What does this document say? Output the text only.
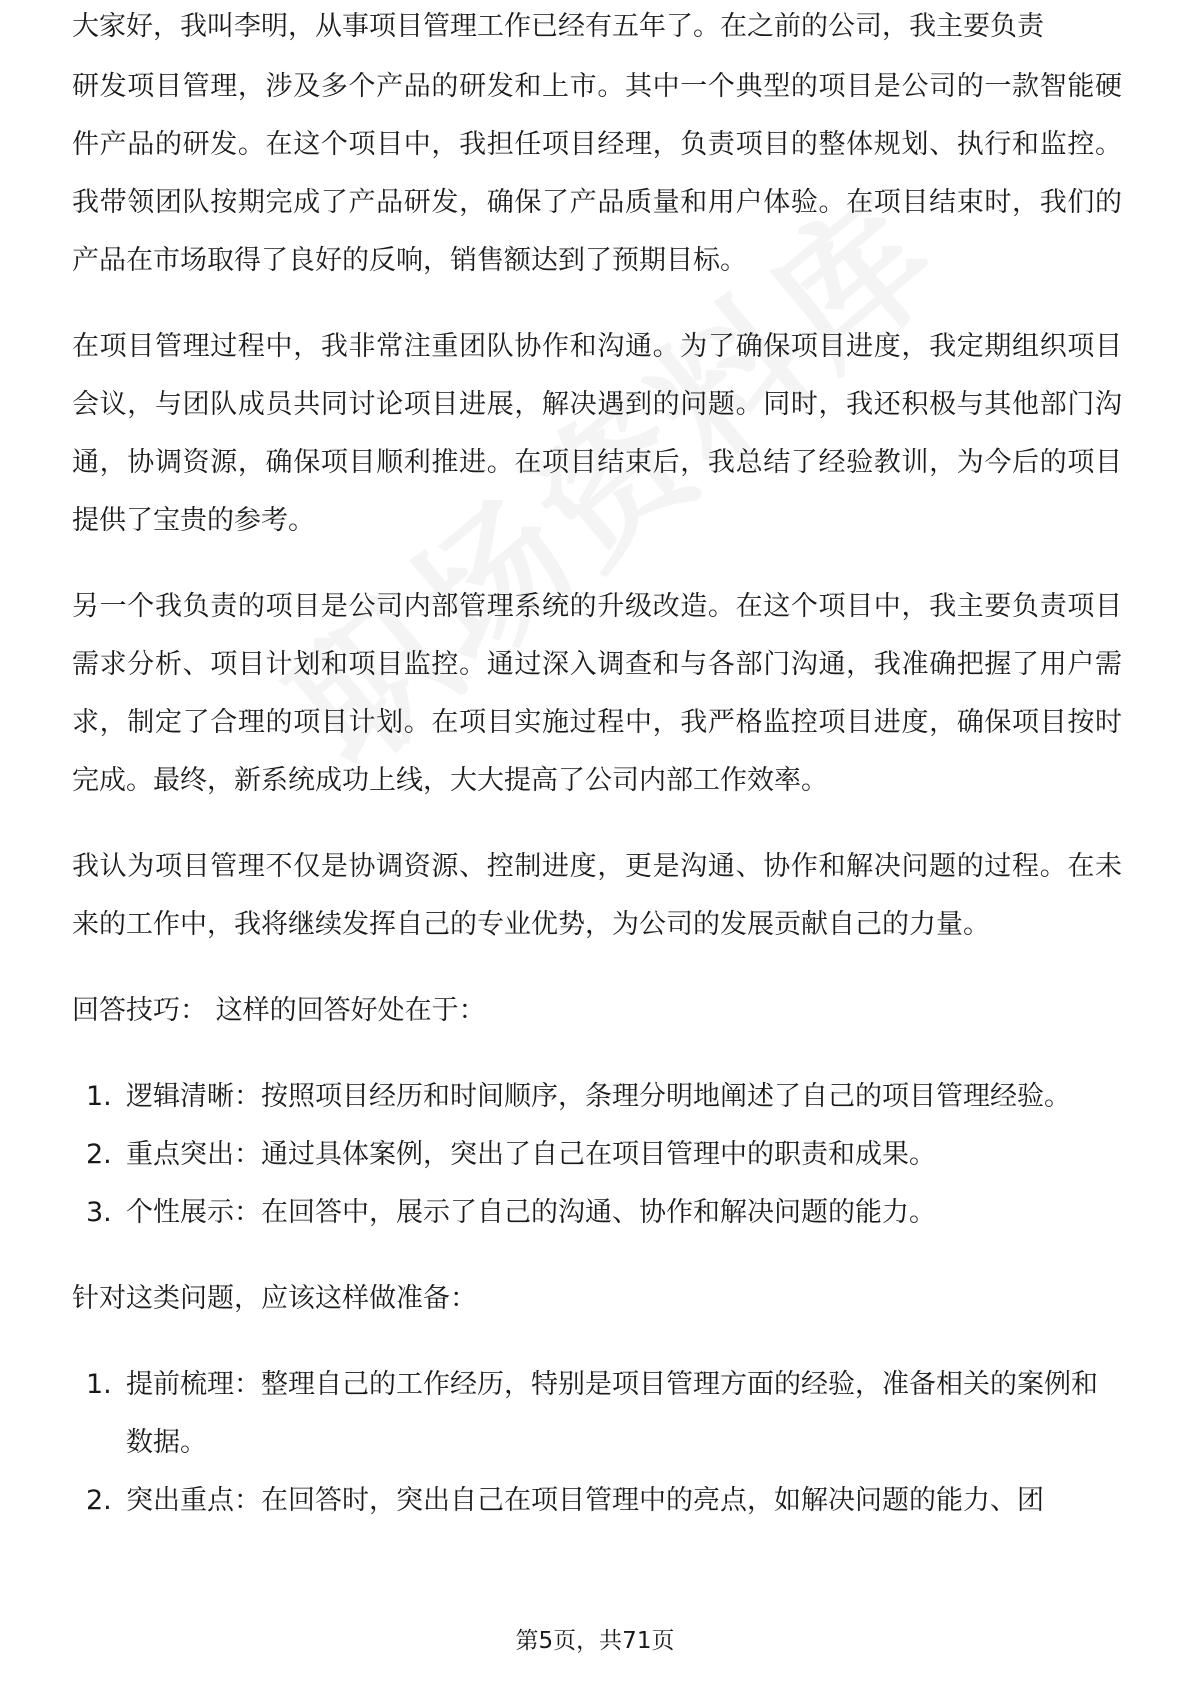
大家好，我叫李明，从事项目管理工作已经有五年了。在之前的公司，我主要负责

研发项目管理，涉及多个产品的研发和上市。其中一个典型的项目是公司的一款智能硬件产品的研发。在这个项目中，我担任项目经理，负责项目的整体规划、执行和监控。我带领团队按期完成了产品研发，确保了产品质量和用户体验。在项目结束时，我们的产品在市场取得了良好的反响，销售额达到了预期目标。

在项目管理过程中，我非常注重团队协作和沟通。为了确保项目进度，我定期组织项目会议，与团队成员共同讨论项目进展，解决遇到的问题。同时，我还积极与其他部门沟通，协调资源，确保项目顺利推进。在项目结束后，我总结了经验教训，为今后的项目提供了宝贵的参考。

另一个我负责的项目是公司内部管理系统的升级改造。在这个项目中，我主要负责项目需求分析、项目计划和项目监控。通过深入调查和与各部门沟通，我准确把握了用户需求，制定了合理的项目计划。在项目实施过程中，我严格监控项目进度，确保项目按时完成。最终，新系统成功上线，大大提高了公司内部工作效率。

我认为项目管理不仅是协调资源、控制进度，更是沟通、协作和解决问题的过程。在未来的工作中，我将继续发挥自己的专业优势，为公司的发展贡献自己的力量。

回答技巧： 这样的回答好处在于：
1. 逻辑清晰：按照项目经历和时间顺序，条理分明地阐述了自己的项目管理经验。
2. 重点突出：通过具体案例，突出了自己在项目管理中的职责和成果。
3. 个性展示：在回答中，展示了自己的沟通、协作和解决问题的能力。
针对这类问题，应该这样做准备：
1. 提前梳理：整理自己的工作经历，特别是项目管理方面的经验，准备相关的案例和数据。
2. 突出重点：在回答时，突出自己在项目管理中的亮点，如解决问题的能力、团
第5页，共71页
